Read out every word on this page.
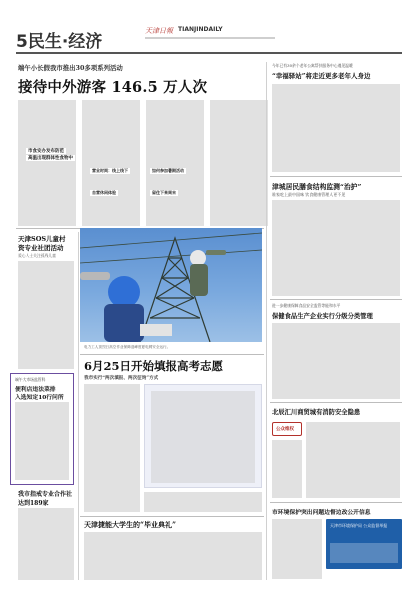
5民生·经济
天津日報 TIANJINDAILY
端午小长假我市推出30多项系列活动
接待中外游客 146.5 万人次
市食安办发布防范
高温出现群体性食物中
营业时间：线上线下	如何参加暑期活动
自营休闲体验	留住下来周末
天津SOS儿童村
资专业社团活动
爱心人士关注孤残儿童
端午大市场监管科
便利店违法菜排
入选知定10行问所
我市指戒专业合作社
达到189家
电力工人顶烈日高空作业保障迎峰度夏电网安全运行。
6月25日开始填报高考志愿
我市实行“两次填报、两次征询”方式
天津捷能大学生的“毕业典礼”
今年已有30余个老年公寓帮扶服务中心遇见温暖
“幸福驿站”将走近更多老年人身边
津城居民膳食结构监测“治护”
谁家吃上最中国味 饮食健康管理人更不见
进一步健康保障食品安全监管等能和水平
保健食品生产企业实行分级分类管理
北辰汇川商贸城有消防安全隐患
公众维权
市环境保护突出问题边督边改公开信息
天津市环境保护局 公众监督举报
